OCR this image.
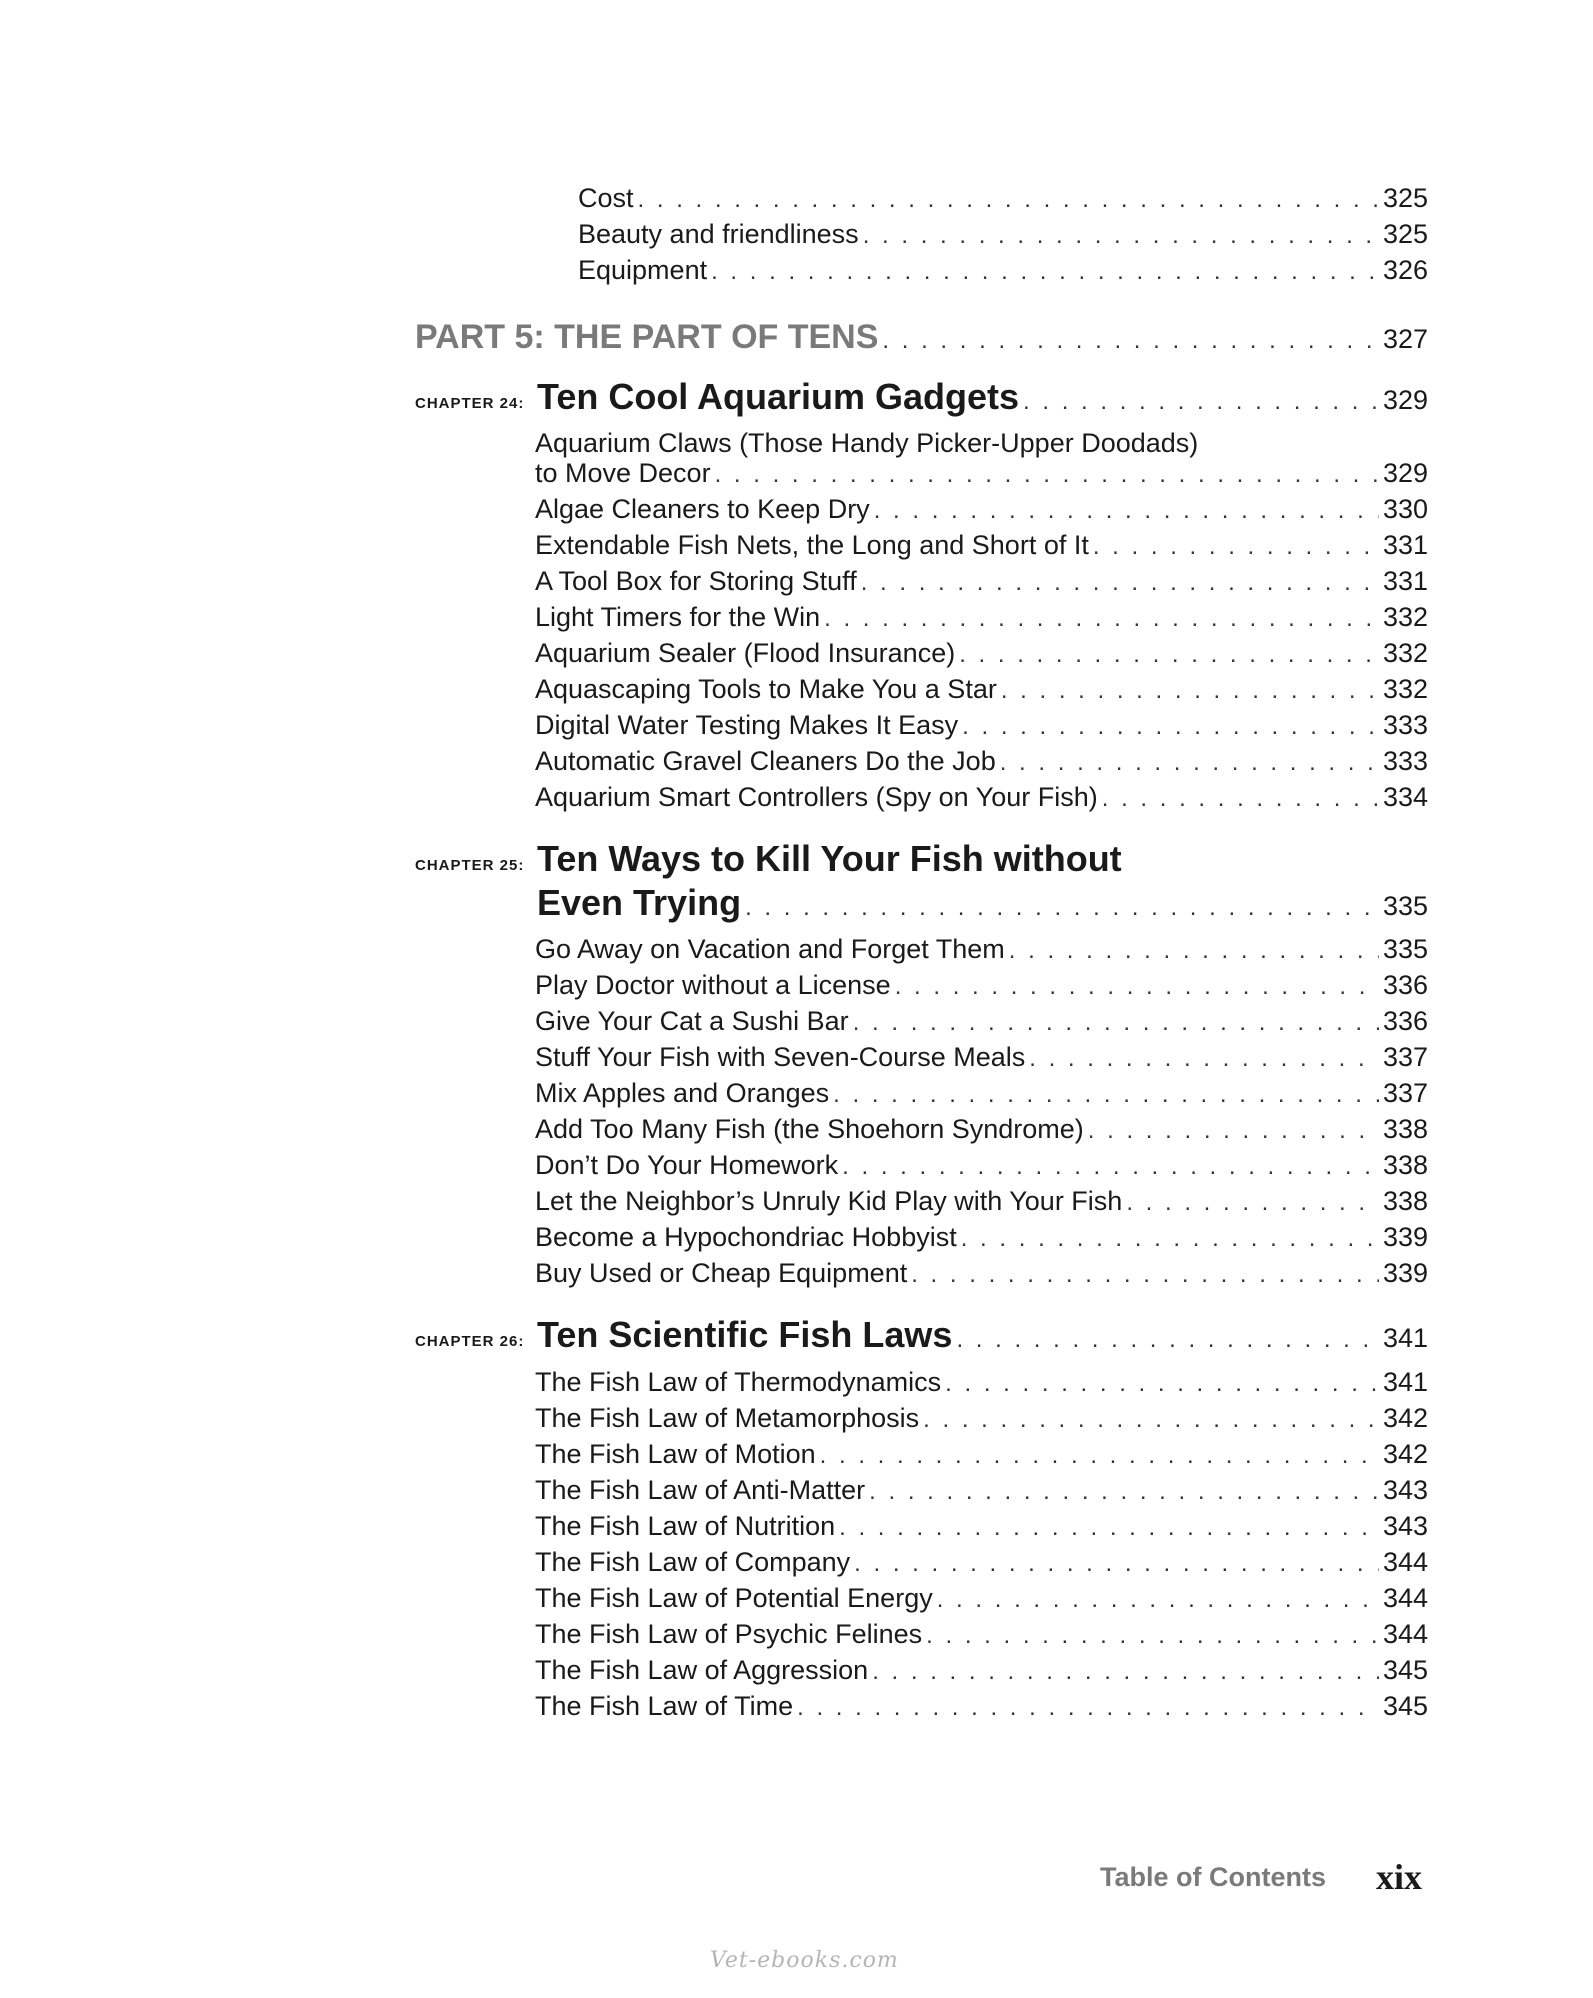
Cost . . .	325
Beauty and friendliness . . .	325
Equipment . . .	326
PART 5: THE PART OF TENS . . .	327
CHAPTER 24: Ten Cool Aquarium Gadgets . . .	329
Aquarium Claws (Those Handy Picker-Upper Doodads)
to Move Decor . . .	329
Algae Cleaners to Keep Dry . . .	330
Extendable Fish Nets, the Long and Short of It . . .	331
A Tool Box for Storing Stuff . . .	331
Light Timers for the Win . . .	332
Aquarium Sealer (Flood Insurance) . . .	332
Aquascaping Tools to Make You a Star . . .	332
Digital Water Testing Makes It Easy . . .	333
Automatic Gravel Cleaners Do the Job . . .	333
Aquarium Smart Controllers (Spy on Your Fish) . . .	334
CHAPTER 25: Ten Ways to Kill Your Fish without
Even Trying . . .	335
Go Away on Vacation and Forget Them . . .	335
Play Doctor without a License . . .	336
Give Your Cat a Sushi Bar . . .	336
Stuff Your Fish with Seven-Course Meals . . .	337
Mix Apples and Oranges . . .	337
Add Too Many Fish (the Shoehorn Syndrome) . . .	338
Don’t Do Your Homework . . .	338
Let the Neighbor’s Unruly Kid Play with Your Fish . . .	338
Become a Hypochondriac Hobbyist . . .	339
Buy Used or Cheap Equipment . . .	339
CHAPTER 26: Ten Scientific Fish Laws . . .	341
The Fish Law of Thermodynamics . . .	341
The Fish Law of Metamorphosis . . .	342
The Fish Law of Motion . . .	342
The Fish Law of Anti-Matter . . .	343
The Fish Law of Nutrition . . .	343
The Fish Law of Company . . .	344
The Fish Law of Potential Energy . . .	344
The Fish Law of Psychic Felines . . .	344
The Fish Law of Aggression . . .	345
The Fish Law of Time . . .	345
Table of Contents xix
Vet-ebooks.com
